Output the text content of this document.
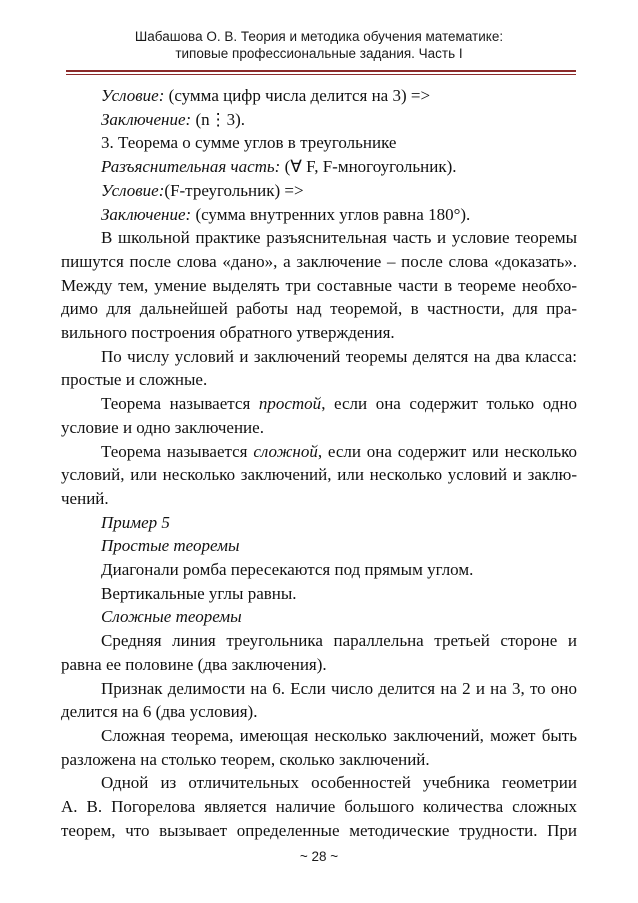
Шабашова О. В. Теория и методика обучения математике:
типовые профессиональные задания. Часть I

Условие: (сумма цифр числа делится на 3) =>

Заключение: (n⋮3).

3. Теорема о сумме углов в треугольнике

Разъяснительная часть: (∀ F, F-многоугольник).

Условие:(F-треугольник) =>

Заключение: (сумма внутренних углов равна 180°).

В школьной практике разъяснительная часть и условие теоремы

пишутся после слова «дано», а заключение – после слова «доказать».

Между тем, умение выделять три составные части в теореме необхо-

димо для дальнейшей работы над теоремой, в частности, для пра-

вильного построения обратного утверждения.

По числу условий и заключений теоремы делятся на два класса:

простые и сложные.

Теорема называется простой, если она содержит только одно

условие и одно заключение.

Теорема называется сложной, если она содержит или несколько

условий, или несколько заключений, или несколько условий и заклю-

чений.

Пример 5

Простые теоремы

Диагонали ромба пересекаются под прямым углом.

Вертикальные углы равны.

Сложные теоремы

Средняя линия треугольника параллельна третьей стороне и

равна ее половине (два заключения).

Признак делимости на 6. Если число делится на 2 и на 3, то оно

делится на 6 (два условия).

Сложная теорема, имеющая несколько заключений, может быть

разложена на столько теорем, сколько заключений.

Одной из отличительных особенностей учебника геометрии

А. В. Погорелова является наличие большого количества сложных

теорем, что вызывает определенные методические трудности. При

~ 28 ~
